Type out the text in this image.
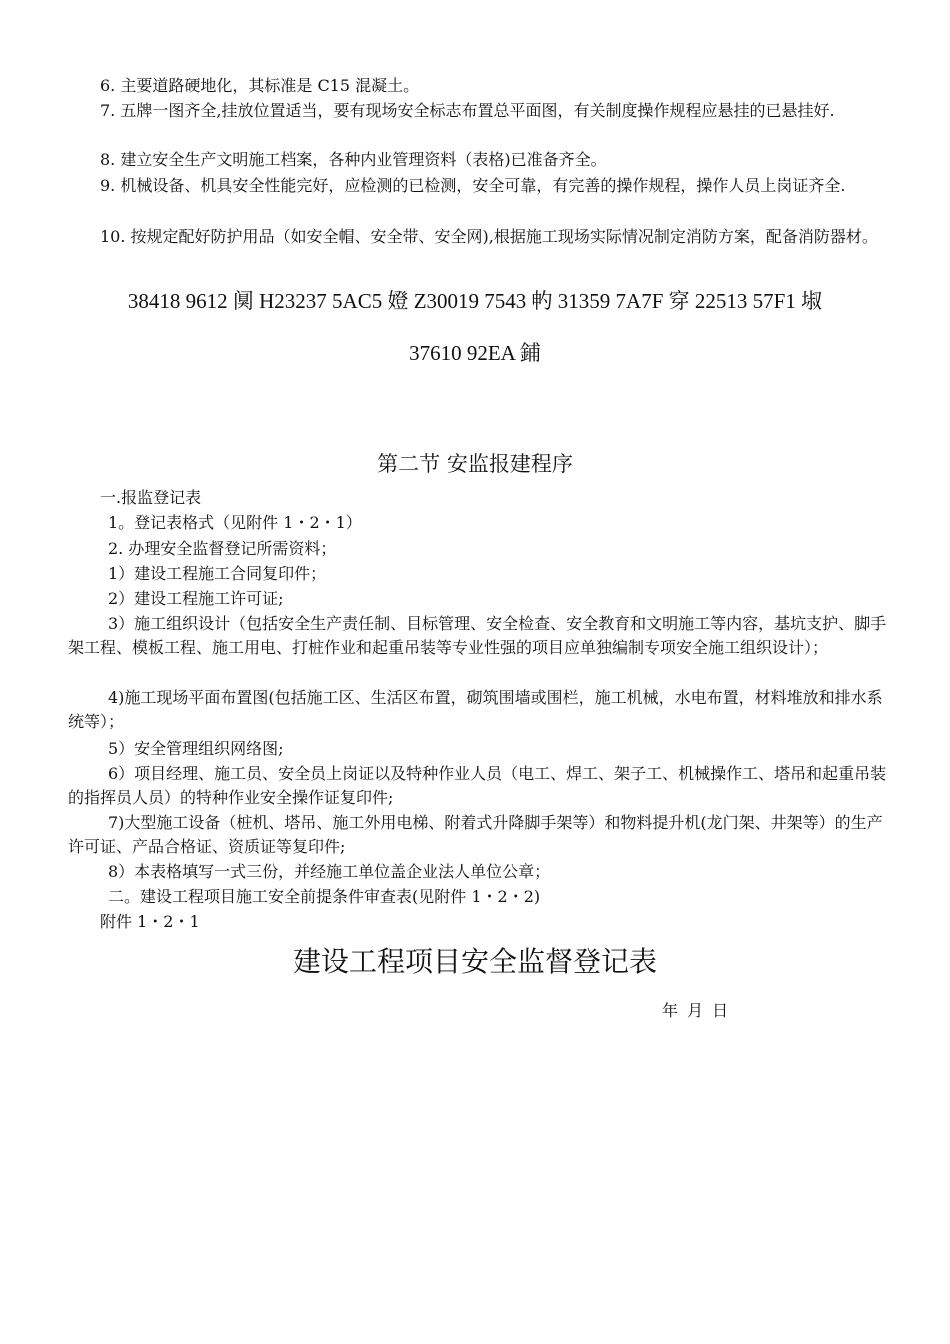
6. 主要道路硬地化，其标准是 C15 混凝土。
7. 五牌一图齐全,挂放位置适当，要有现场安全标志布置总平面图，有关制度操作规程应悬挂的已悬挂好.
8. 建立安全生产文明施工档案，各种内业管理资料（表格)已准备齐全。
9. 机械设备、机具安全性能完好，应检测的已检测，安全可靠，有完善的操作规程，操作人员上岗证齐全.
10. 按规定配好防护用品（如安全帽、安全带、安全网),根据施工现场实际情况制定消防方案，配备消防器材。
38418 9612 阒 H23237 5AC5 嬁 Z30019 7543 畃 31359 7A7F 穿 22513 57F1 埱
37610 92EA 鋪
第二节 安监报建程序
一.报监登记表
1。登记表格式（见附件 1・2・1）
2. 办理安全监督登记所需资料；
1）建设工程施工合同复印件；
2）建设工程施工许可证;
3）施工组织设计（包括安全生产责任制、目标管理、安全检查、安全教育和文明施工等内容，基坑支护、脚手架工程、模板工程、施工用电、打桩作业和起重吊装等专业性强的项目应单独编制专项安全施工组织设计）；
4)施工现场平面布置图(包括施工区、生活区布置，砌筑围墙或围栏，施工机械，水电布置，材料堆放和排水系统等）；
5）安全管理组织网络图;
6）项目经理、施工员、安全员上岗证以及特种作业人员（电工、焊工、架子工、机械操作工、塔吊和起重吊装的指挥员人员）的特种作业安全操作证复印件;
7)大型施工设备（桩机、塔吊、施工外用电梯、附着式升降脚手架等）和物料提升机(龙门架、井架等）的生产许可证、产品合格证、资质证等复印件;
8）本表格填写一式三份，并经施工单位盖企业法人单位公章；
二。建设工程项目施工安全前提条件审查表(见附件 1・2・2)
附件 1・2・1
建设工程项目安全监督登记表
年 月 日
